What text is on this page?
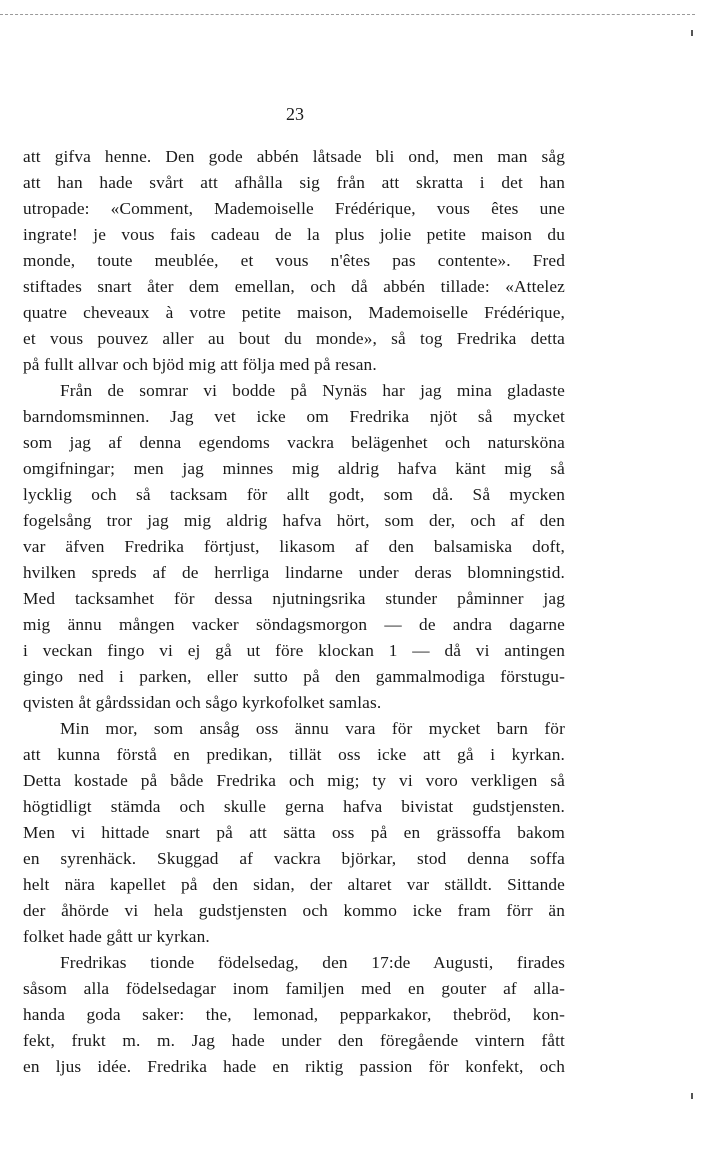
23
att gifva henne. Den gode abbén låtsade bli ond, men man såg
att han hade svårt att afhålla sig från att skratta i det han
utropade: «Comment, Mademoiselle Frédérique, vous êtes une
ingrate! je vous fais cadeau de la plus jolie petite maison du
monde, toute meublée, et vous n'êtes pas contente». Fred
stiftades snart åter dem emellan, och då abbén tillade: «Attelez
quatre cheveaux à votre petite maison, Mademoiselle Frédérique,
et vous pouvez aller au bout du monde», så tog Fredrika detta
på fullt allvar och bjöd mig att följa med på resan.
Från de somrar vi bodde på Nynäs har jag mina gladaste
barndomsminnen. Jag vet icke om Fredrika njöt så mycket
som jag af denna egendoms vackra belägenhet och natursköna
omgifningar; men jag minnes mig aldrig hafva känt mig så
lycklig och så tacksam för allt godt, som då. Så mycken
fogelsång tror jag mig aldrig hafva hört, som der, och af den
var äfven Fredrika förtjust, likasom af den balsamiska doft,
hvilken spreds af de herrliga lindarne under deras blomningstid.
Med tacksamhet för dessa njutningsrika stunder påminner jag
mig ännu mången vacker söndagsmorgon — de andra dagarne
i veckan fingo vi ej gå ut före klockan 1 — då vi antingen
gingo ned i parken, eller sutto på den gammalmodiga förstugu-
qvisten åt gårdssidan och sågo kyrkofolket samlas.
Min mor, som ansåg oss ännu vara för mycket barn för
att kunna förstå en predikan, tillät oss icke att gå i kyrkan.
Detta kostade på både Fredrika och mig; ty vi voro verkligen så
högtidligt stämda och skulle gerna hafva bivistat gudstjensten.
Men vi hittade snart på att sätta oss på en grässoffa bakom
en syrenhäck. Skuggad af vackra björkar, stod denna soffa
helt nära kapellet på den sidan, der altaret var ställdt. Sittande
der åhörde vi hela gudstjensten och kommo icke fram förr än
folket hade gått ur kyrkan.
Fredrikas tionde födelsedag, den 17:de Augusti, firades
såsom alla födelsedagar inom familjen med en gouter af alla-
handa goda saker: the, lemonad, pepparkakor, thebröd, kon-
fekt, frukt m. m. Jag hade under den föregående vintern fått
en ljus idée. Fredrika hade en riktig passion för konfekt, och
